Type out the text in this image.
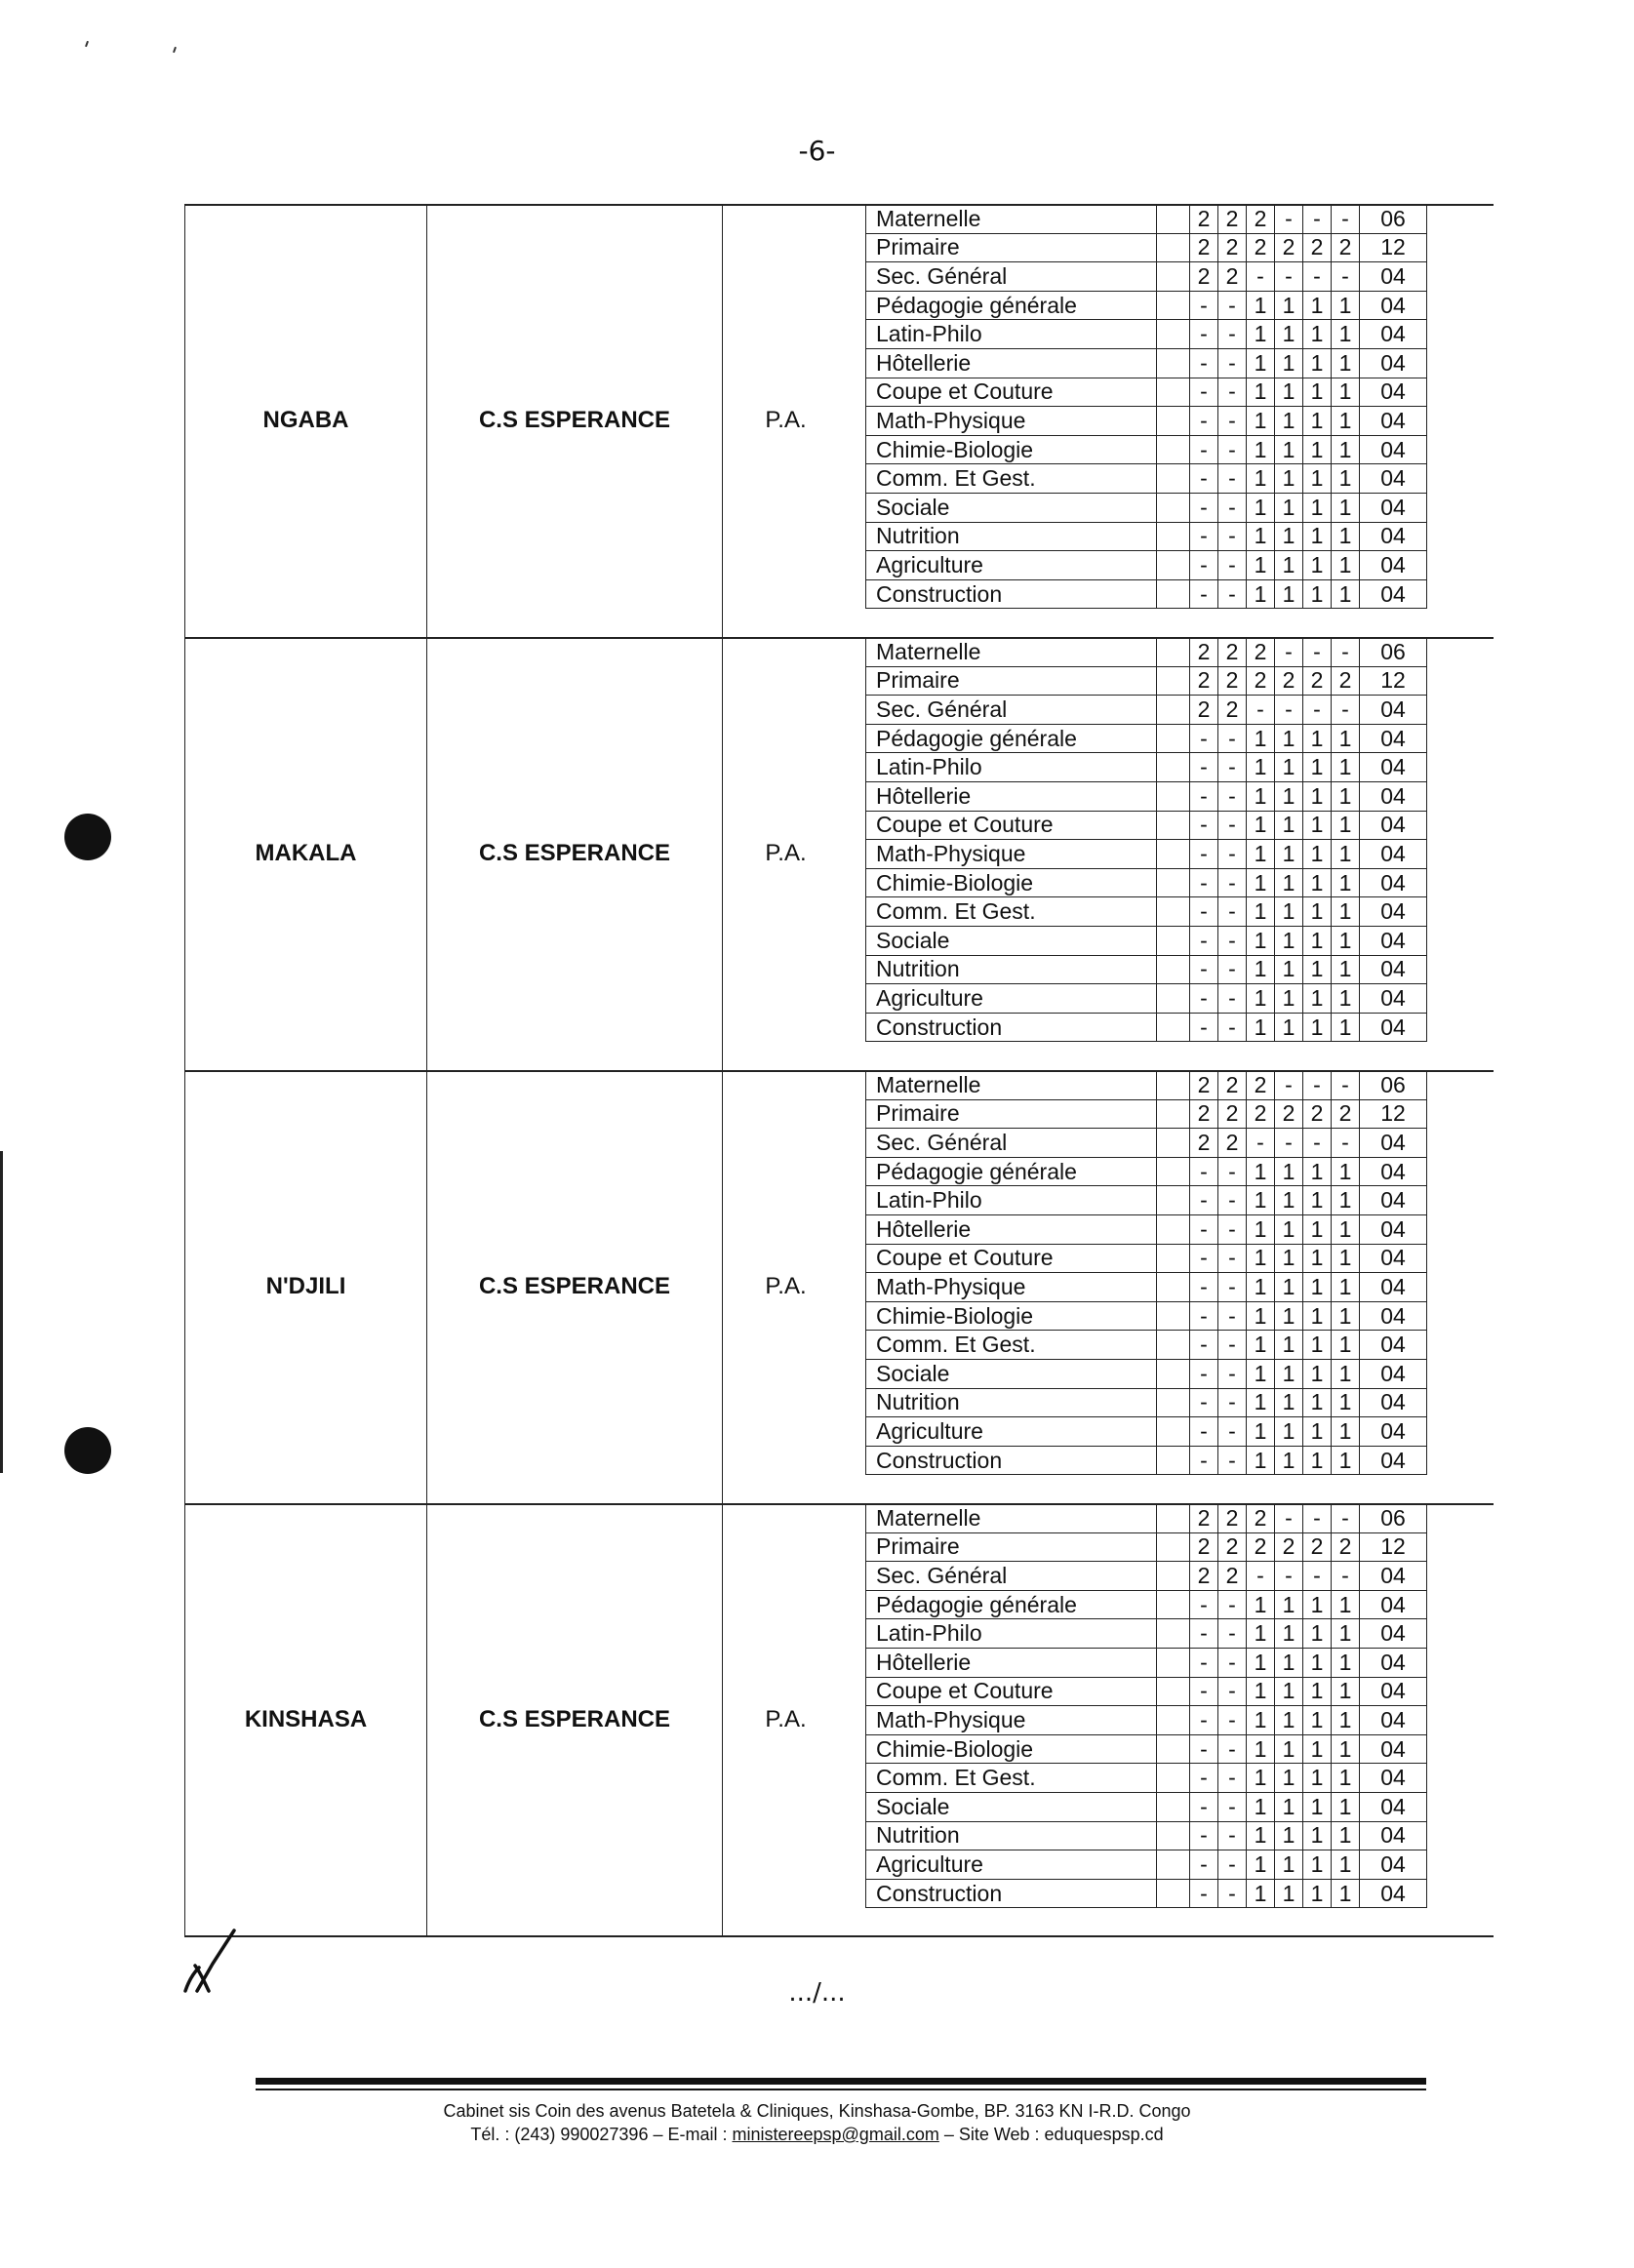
-6-
NGABA	C.S ESPERANCE	P.A.
Maternelle		2	2	2	-	-	-	06
Primaire		2	2	2	2	2	2	12
Sec. Général		2	2	-	-	-	-	04
Pédagogie générale		-	-	1	1	1	1	04
Latin-Philo		-	-	1	1	1	1	04
Hôtellerie		-	-	1	1	1	1	04
Coupe et Couture		-	-	1	1	1	1	04
Math-Physique		-	-	1	1	1	1	04
Chimie-Biologie		-	-	1	1	1	1	04
Comm. Et Gest.		-	-	1	1	1	1	04
Sociale		-	-	1	1	1	1	04
Nutrition		-	-	1	1	1	1	04
Agriculture		-	-	1	1	1	1	04
Construction		-	-	1	1	1	1	04
MAKALA	C.S ESPERANCE	P.A.
Maternelle		2	2	2	-	-	-	06
Primaire		2	2	2	2	2	2	12
Sec. Général		2	2	-	-	-	-	04
Pédagogie générale		-	-	1	1	1	1	04
Latin-Philo		-	-	1	1	1	1	04
Hôtellerie		-	-	1	1	1	1	04
Coupe et Couture		-	-	1	1	1	1	04
Math-Physique		-	-	1	1	1	1	04
Chimie-Biologie		-	-	1	1	1	1	04
Comm. Et Gest.		-	-	1	1	1	1	04
Sociale		-	-	1	1	1	1	04
Nutrition		-	-	1	1	1	1	04
Agriculture		-	-	1	1	1	1	04
Construction		-	-	1	1	1	1	04
N'DJILI	C.S ESPERANCE	P.A.
Maternelle		2	2	2	-	-	-	06
Primaire		2	2	2	2	2	2	12
Sec. Général		2	2	-	-	-	-	04
Pédagogie générale		-	-	1	1	1	1	04
Latin-Philo		-	-	1	1	1	1	04
Hôtellerie		-	-	1	1	1	1	04
Coupe et Couture		-	-	1	1	1	1	04
Math-Physique		-	-	1	1	1	1	04
Chimie-Biologie		-	-	1	1	1	1	04
Comm. Et Gest.		-	-	1	1	1	1	04
Sociale		-	-	1	1	1	1	04
Nutrition		-	-	1	1	1	1	04
Agriculture		-	-	1	1	1	1	04
Construction		-	-	1	1	1	1	04
KINSHASA	C.S ESPERANCE	P.A.
Maternelle		2	2	2	-	-	-	06
Primaire		2	2	2	2	2	2	12
Sec. Général		2	2	-	-	-	-	04
Pédagogie générale		-	-	1	1	1	1	04
Latin-Philo		-	-	1	1	1	1	04
Hôtellerie		-	-	1	1	1	1	04
Coupe et Couture		-	-	1	1	1	1	04
Math-Physique		-	-	1	1	1	1	04
Chimie-Biologie		-	-	1	1	1	1	04
Comm. Et Gest.		-	-	1	1	1	1	04
Sociale		-	-	1	1	1	1	04
Nutrition		-	-	1	1	1	1	04
Agriculture		-	-	1	1	1	1	04
Construction		-	-	1	1	1	1	04
.../...
Cabinet sis Coin des avenus Batetela & Cliniques, Kinshasa-Gombe, BP. 3163 KN I-R.D. Congo
Tél. : (243) 990027396 – E-mail : ministereepsp@gmail.com – Site Web : eduquespsp.cd
